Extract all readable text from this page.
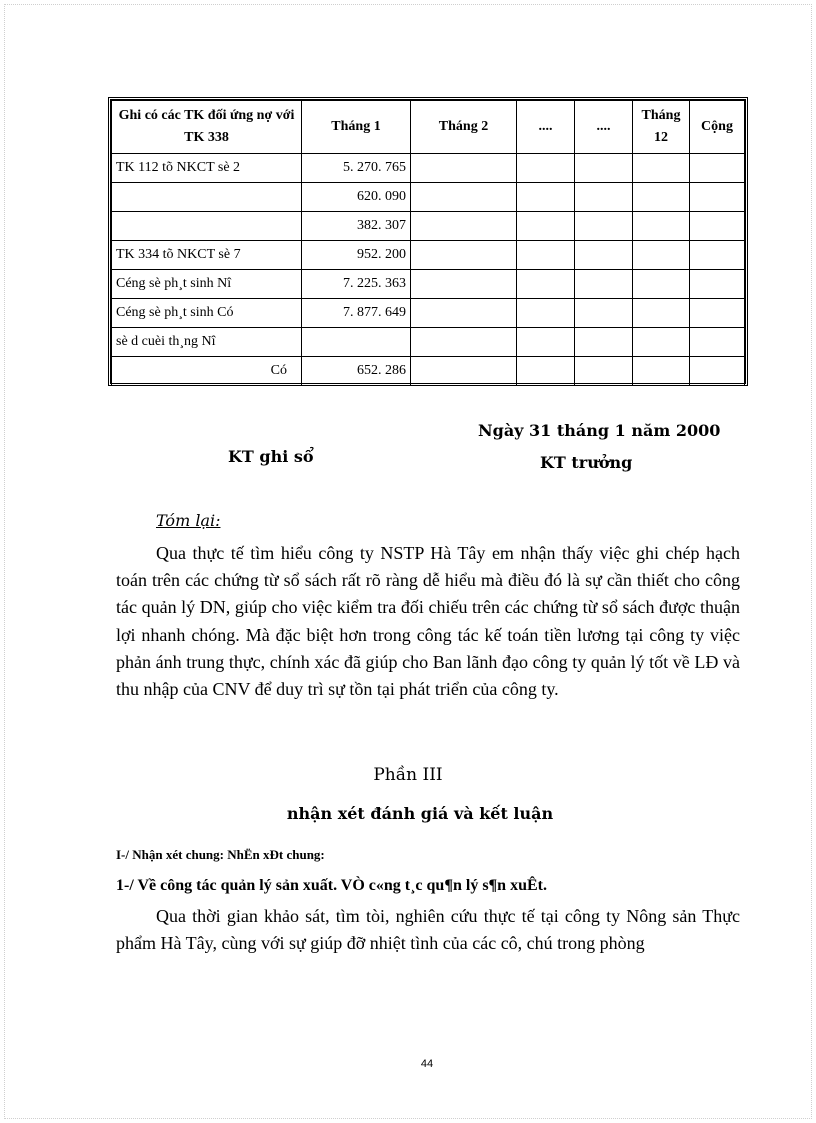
Ghi có các TK đối ứng nợ với TK 338	Tháng 1	Tháng 2	....	....	Tháng 12	Cộng
TK 112 tõ NKCT sè 2	5. 270. 765					
	620. 090					
	382. 307					
TK 334 tõ NKCT sè 7	952. 200					
Céng sè ph¸t sinh Nî	7. 225. 363					
Céng sè ph¸t sinh Có	7. 877. 649					
sè d cuèi th¸ng Nî						
Có	652. 286					
Ngày 31 tháng 1 năm 2000
KT ghi sổ	KT trưởng
Tóm lại:
Qua thực tế tìm hiểu công ty NSTP Hà Tây em nhận thấy việc ghi chép hạch toán trên các chứng từ sổ sách rất rõ ràng dễ hiểu mà điều đó là sự cần thiết cho công tác quản lý DN, giúp cho việc kiểm tra đối chiếu trên các chứng từ sổ sách được thuận lợi nhanh chóng. Mà đặc biệt hơn trong công tác kế toán tiền lương tại công ty việc phản ánh trung thực, chính xác đã giúp cho Ban lãnh đạo công ty quản lý tốt về LĐ và thu nhập của CNV để duy trì sự tồn tại phát triển của công ty.
Phần III
nhận xét đánh giá và kết luận
I-/ Nhận xét chung: NhËn xÐt chung:
1-/ Về công tác quản lý sản xuất. VÒ c«ng t¸c qu¶n lý s¶n xuÊt.
Qua thời gian khảo sát, tìm tòi, nghiên cứu thực tế tại công ty Nông sản Thực phẩm Hà Tây, cùng với sự giúp đỡ nhiệt tình của các cô, chú trong phòng
44
